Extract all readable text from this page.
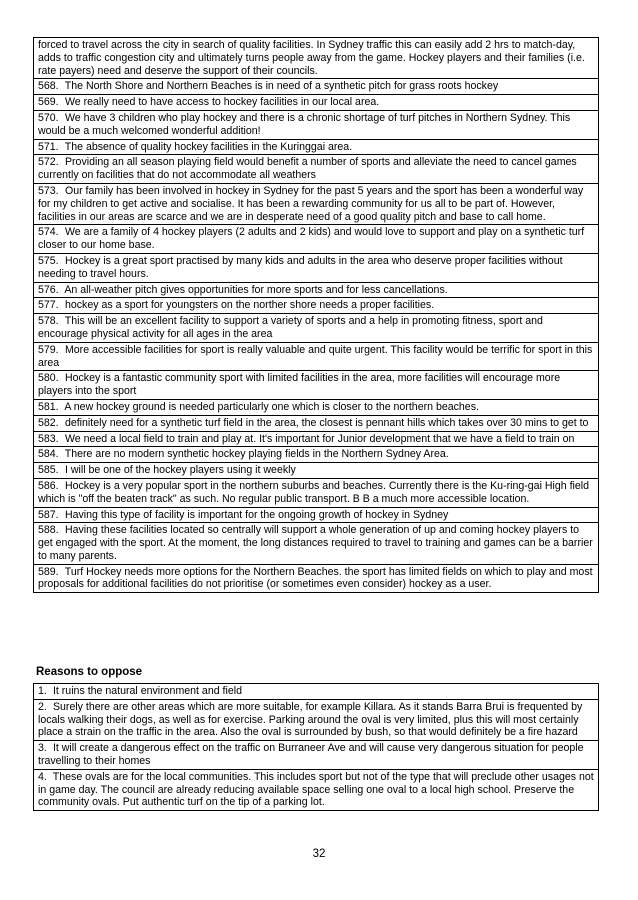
forced to travel across the city in search of quality facilities. In Sydney traffic this can easily add 2 hrs to match-day, adds to traffic congestion city and ultimately turns people away from the game. Hockey players and their families (i.e. rate payers) need and deserve the support of their councils.
568. The North Shore and Northern Beaches is in need of a synthetic pitch for grass roots hockey
569. We really need to have access to hockey facilities in our local area.
570. We have 3 children who play hockey and there is a chronic shortage of turf pitches in Northern Sydney. This would be a much welcomed wonderful addition!
571. The absence of quality hockey facilities in the Kuringgai area.
572. Providing an all season playing field would benefit a number of sports and alleviate the need to cancel games currently on facilities that do not accommodate all weathers
573. Our family has been involved in hockey in Sydney for the past 5 years and the sport has been a wonderful way for my children to get active and socialise. It has been a rewarding community for us all to be part of. However, facilities in our areas are scarce and we are in desperate need of a good quality pitch and base to call home.
574. We are a family of 4 hockey players (2 adults and 2 kids) and would love to support and play on a synthetic turf closer to our home base.
575. Hockey is a great sport practised by many kids and adults in the area who deserve proper facilities without needing to travel hours.
576. An all-weather pitch gives opportunities for more sports and for less cancellations.
577. hockey as a sport for youngsters on the norther shore needs a proper facilities.
578. This will be an excellent facility to support a variety of sports and a help in promoting fitness, sport and encourage physical activity for all ages in the area
579. More accessible facilities for sport is really valuable and quite urgent. This facility would be terrific for sport in this area
580. Hockey is a fantastic community sport with limited facilities in the area, more facilities will encourage more players into the sport
581. A new hockey ground is needed particularly one which is closer to the northern beaches.
582. definitely need for a synthetic turf field in the area, the closest is pennant hills which takes over 30 mins to get to
583. We need a local field to train and play at. It's important for Junior development that we have a field to train on
584. There are no modern synthetic hockey playing fields in the Northern Sydney Area.
585. I will be one of the hockey players using it weekly
586. Hockey is a very popular sport in the northern suburbs and beaches. Currently there is the Ku-ring-gai High field which is "off the beaten track" as such. No regular public transport. B B a much more accessible location.
587. Having this type of facility is important for the ongoing growth of hockey in Sydney
588. Having these facilities located so centrally will support a whole generation of up and coming hockey players to get engaged with the sport. At the moment, the long distances required to travel to training and games can be a barrier to many parents.
589. Turf Hockey needs more options for the Northern Beaches. the sport has limited fields on which to play and most proposals for additional facilities do not prioritise (or sometimes even consider) hockey as a user.
Reasons to oppose
1. It ruins the natural environment and field
2. Surely there are other areas which are more suitable, for example Killara. As it stands Barra Brui is frequented by locals walking their dogs, as well as for exercise. Parking around the oval is very limited, plus this will most certainly place a strain on the traffic in the area. Also the oval is surrounded by bush, so that would definitely be a fire hazard
3. It will create a dangerous effect on the traffic on Burraneer Ave and will cause very dangerous situation for people travelling to their homes
4. These ovals are for the local communities. This includes sport but not of the type that will preclude other usages not in game day. The council are already reducing available space selling one oval to a local high school. Preserve the community ovals. Put authentic turf on the tip of a parking lot.
32
